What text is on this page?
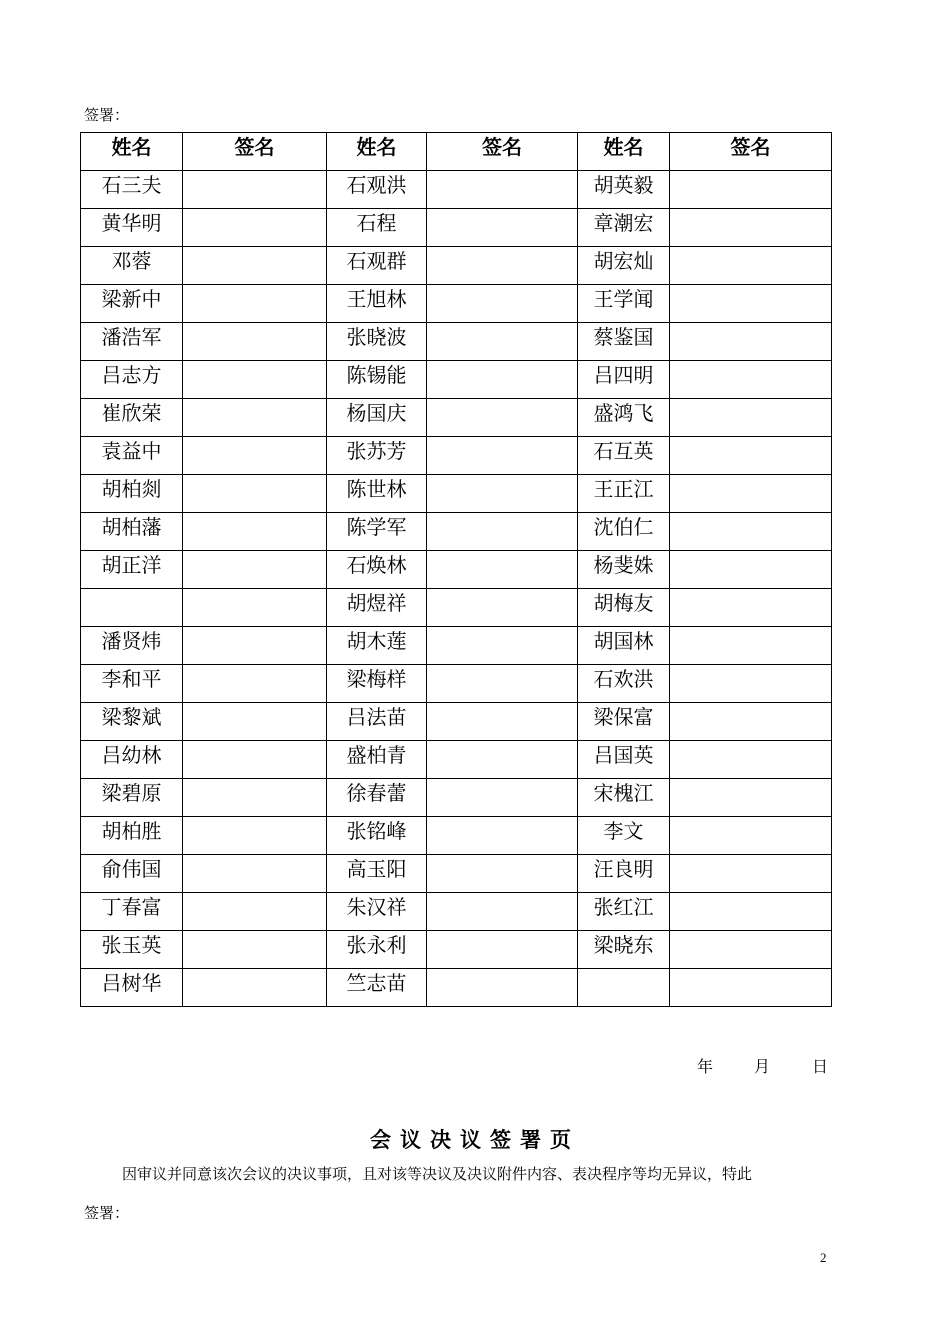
签署：
姓名	签名	姓名	签名	姓名	签名
石三夫		石观洪		胡英毅	
黄华明		石程		章潮宏	
邓蓉		石观群		胡宏灿	
梁新中		王旭林		王学闻	
潘浩军		张晓波		蔡鉴国	
吕志方		陈锡能		吕四明	
崔欣荣		杨国庆		盛鸿飞	
袁益中		张苏芳		石互英	
胡柏剡		陈世林		王正江	
胡柏藩		陈学军		沈伯仁	
胡正洋		石焕林		杨斐姝	
		胡煜祥		胡梅友	
潘贤炜		胡木莲		胡国林	
李和平		梁梅样		石欢洪	
梁黎斌		吕法苗		梁保富	
吕幼林		盛柏青		吕国英	
梁碧原		徐春蕾		宋槐江	
胡柏胜		张铭峰		李文	
俞伟国		高玉阳		汪良明	
丁春富		朱汉祥		张红江	
张玉英		张永利		梁晓东	
吕树华		竺志苗			
年	月	日
会议决议签署页
因审议并同意该次会议的决议事项，且对该等决议及决议附件内容、表决程序等均无异议，特此
签署：
2
